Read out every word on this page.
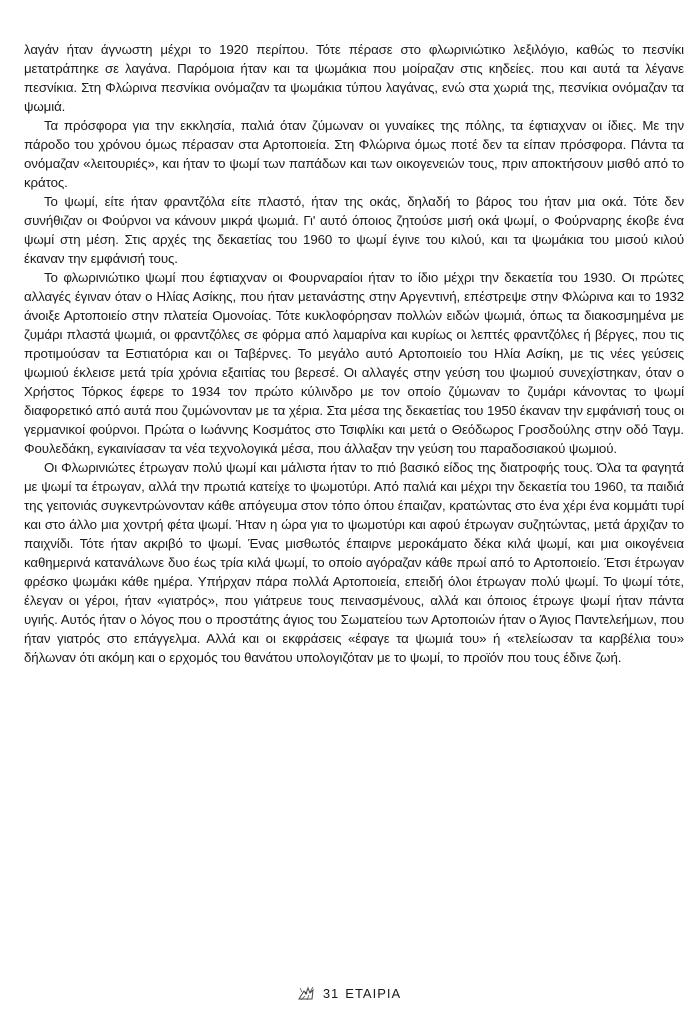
λαγάν ήταν άγνωστη μέχρι το 1920 περίπου. Τότε πέρασε στο φλωρινιώτικο λεξιλόγιο, καθώς το πεσνίκι μετατράπηκε σε λαγάνα. Παρόμοια ήταν και τα ψωμάκια που μοίραζαν στις κηδείες. που και αυτά τα λέγανε πεσνίκια. Στη Φλώρινα πεσνίκια ονόμαζαν τα ψωμάκια τύπου λαγάνας, ενώ στα χωριά της, πεσνίκια ονόμαζαν τα ψωμιά.

Τα πρόσφορα για την εκκλησία, παλιά όταν ζύμωναν οι γυναίκες της πόλης, τα έφτιαχναν οι ίδιες. Με την πάροδο του χρόνου όμως πέρασαν στα Αρτοποιεία. Στη Φλώρινα όμως ποτέ δεν τα είπαν πρόσφορα. Πάντα τα ονόμαζαν «λειτουριές», και ήταν το ψωμί των παπάδων και των οικογενειών τους, πριν αποκτήσουν μισθό από το κράτος.

Το ψωμί, είτε ήταν φραντζόλα είτε πλαστό, ήταν της οκάς, δηλαδή το βάρος του ήταν μια οκά. Τότε δεν συνήθιζαν οι Φούρνοι να κάνουν μικρά ψωμιά. Γι' αυτό όποιος ζητούσε μισή οκά ψωμί, ο Φούρναρης έκοβε ένα ψωμί στη μέση. Στις αρχές της δεκαετίας του 1960 το ψωμί έγινε του κιλού, και τα ψωμάκια του μισού κιλού έκαναν την εμφάνισή τους.

Το φλωρινιώτικο ψωμί που έφτιαχναν οι Φουρναραίοι ήταν το ίδιο μέχρι την δεκαετία του 1930. Οι πρώτες αλλαγές έγιναν όταν ο Ηλίας Ασίκης, που ήταν μετανάστης στην Αργεντινή, επέστρεψε στην Φλώρινα και το 1932 άνοιξε Αρτοποιείο στην πλατεία Ομονοίας. Τότε κυκλοφόρησαν πολλών ειδών ψωμιά, όπως τα διακοσμημένα με ζυμάρι πλαστά ψωμιά, οι φραντζόλες σε φόρμα από λαμαρίνα και κυρίως οι λεπτές φραντζόλες ή βέργες, που τις προτιμούσαν τα Εστιατόρια και οι Ταβέρνες. Το μεγάλο αυτό Αρτοποιείο του Ηλία Ασίκη, με τις νέες γεύσεις ψωμιού έκλεισε μετά τρία χρόνια εξαιτίας του βερεσέ. Οι αλλαγές στην γεύση του ψωμιού συνεχίστηκαν, όταν ο Χρήστος Τόρκος έφερε το 1934 τον πρώτο κύλινδρο με τον οποίο ζύμωναν το ζυμάρι κάνοντας το ψωμί διαφορετικό από αυτά που ζυμώνονταν με τα χέρια. Στα μέσα της δεκαετίας του 1950 έκαναν την εμφάνισή τους οι γερμανικοί φούρνοι. Πρώτα ο Ιωάννης Κοσμάτος στο Τσιφλίκι και μετά ο Θεόδωρος Γροσδούλης στην οδό Ταγμ. Φουλεδάκη, εγκαινίασαν τα νέα τεχνολογικά μέσα, που άλλαξαν την γεύση του παραδοσιακού ψωμιού.

Οι Φλωρινιώτες έτρωγαν πολύ ψωμί και μάλιστα ήταν το πιό βασικό είδος της διατροφής τους. Όλα τα φαγητά με ψωμί τα έτρωγαν, αλλά την πρωτιά κατείχε το ψωμοτύρι. Από παλιά και μέχρι την δεκαετία του 1960, τα παιδιά της γειτονιάς συγκεντρώνονταν κάθε απόγευμα στον τόπο όπου έπαιζαν, κρατώντας στο ένα χέρι ένα κομμάτι τυρί και στο άλλο μια χοντρή φέτα ψωμί. Ήταν η ώρα για το ψωμοτύρι και αφού έτρωγαν συζητώντας, μετά άρχιζαν το παιχνίδι. Τότε ήταν ακριβό το ψωμί. Ένας μισθωτός έπαιρνε μεροκάματο δέκα κιλά ψωμί, και μια οικογένεια καθημερινά κατανάλωνε δυο έως τρία κιλά ψωμί, το οποίο αγόραζαν κάθε πρωί από το Αρτοποιείο. Έτσι έτρωγαν φρέσκο ψωμάκι κάθε ημέρα. Υπήρχαν πάρα πολλά Αρτοποιεία, επειδή όλοι έτρωγαν πολύ ψωμί. Το ψωμί τότε, έλεγαν οι γέροι, ήταν «γιατρός», που γιάτρευε τους πεινασμένους, αλλά και όποιος έτρωγε ψωμί ήταν πάντα υγιής. Αυτός ήταν ο λόγος που ο προστάτης άγιος του Σωματείου των Αρτοποιών ήταν ο Άγιος Παντελεήμων, που ήταν γιατρός στο επάγγελμα. Αλλά και οι εκφράσεις «έφαγε τα ψωμιά του» ή «τελείωσαν τα καρβέλια του» δήλωναν ότι ακόμη και ο ερχομός του θανάτου υπολογιζόταν με το ψωμί, το προϊόν που τους έδινε ζωή.

31 ΕΤΑΙΡΙΑ
